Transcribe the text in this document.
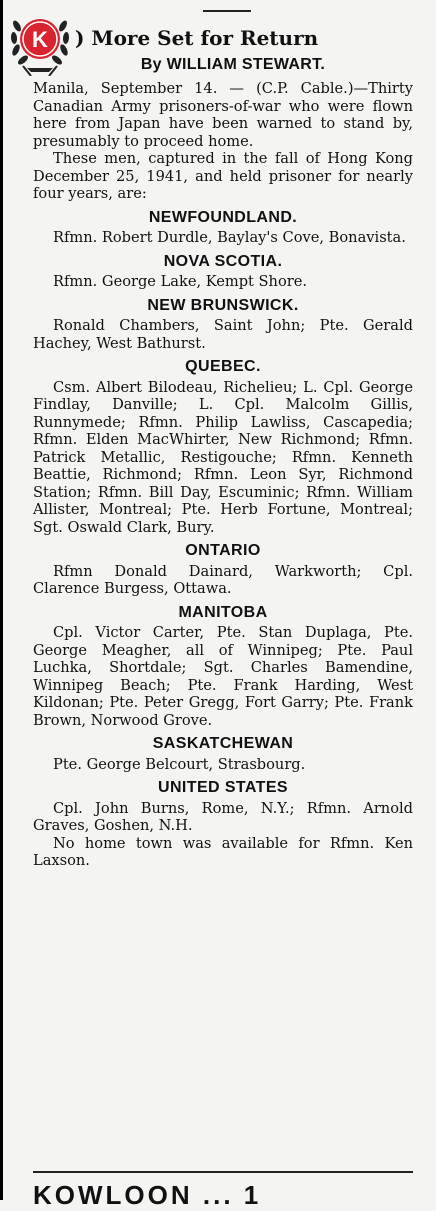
K ) More Set for Return
By WILLIAM STEWART.

Manila, September 14. — (C.P. Cable.)—Thirty Canadian Army prisoners-of-war who were flown here from Japan have been warned to stand by, presumably to proceed home.

These men, captured in the fall of Hong Kong December 25, 1941, and held prisoner for nearly four years, are:

NEWFOUNDLAND.

Rfmn. Robert Durdle, Baylay's Cove, Bonavista.

NOVA SCOTIA.

Rfmn. George Lake, Kempt Shore.

NEW BRUNSWICK.

Ronald Chambers, Saint John; Pte. Gerald Hachey, West Bathurst.

QUEBEC.

Csm. Albert Bilodeau, Richelieu; L. Cpl. George Findlay, Danville; L. Cpl. Malcolm Gillis, Runnymede; Rfmn. Philip Lawliss, Cascapedia; Rfmn. Elden MacWhirter, New Richmond; Rfmn. Patrick Metallic, Restigouche; Rfmn. Kenneth Beattie, Richmond; Rfmn. Leon Syr, Richmond Station; Rfmn. Bill Day, Escuminic; Rfmn. William Allister, Montreal; Pte. Herb Fortune, Montreal; Sgt. Oswald Clark, Bury.

ONTARIO

Rfmn Donald Dainard, Warkworth; Cpl. Clarence Burgess, Ottawa.

MANITOBA

Cpl. Victor Carter, Pte. Stan Duplaga, Pte. George Meagher, all of Winnipeg; Pte. Paul Luchka, Shortdale; Sgt. Charles Bamendine, Winnipeg Beach; Pte. Frank Harding, West Kildonan; Pte. Peter Gregg, Fort Garry; Pte. Frank Brown, Norwood Grove.

SASKATCHEWAN

Pte. George Belcourt, Strasbourg.

UNITED STATES

Cpl. John Burns, Rome, N.Y.; Rfmn. Arnold Graves, Goshen, N.H.

No home town was available for Rfmn. Ken Laxson.

KOWLOON ... 1
